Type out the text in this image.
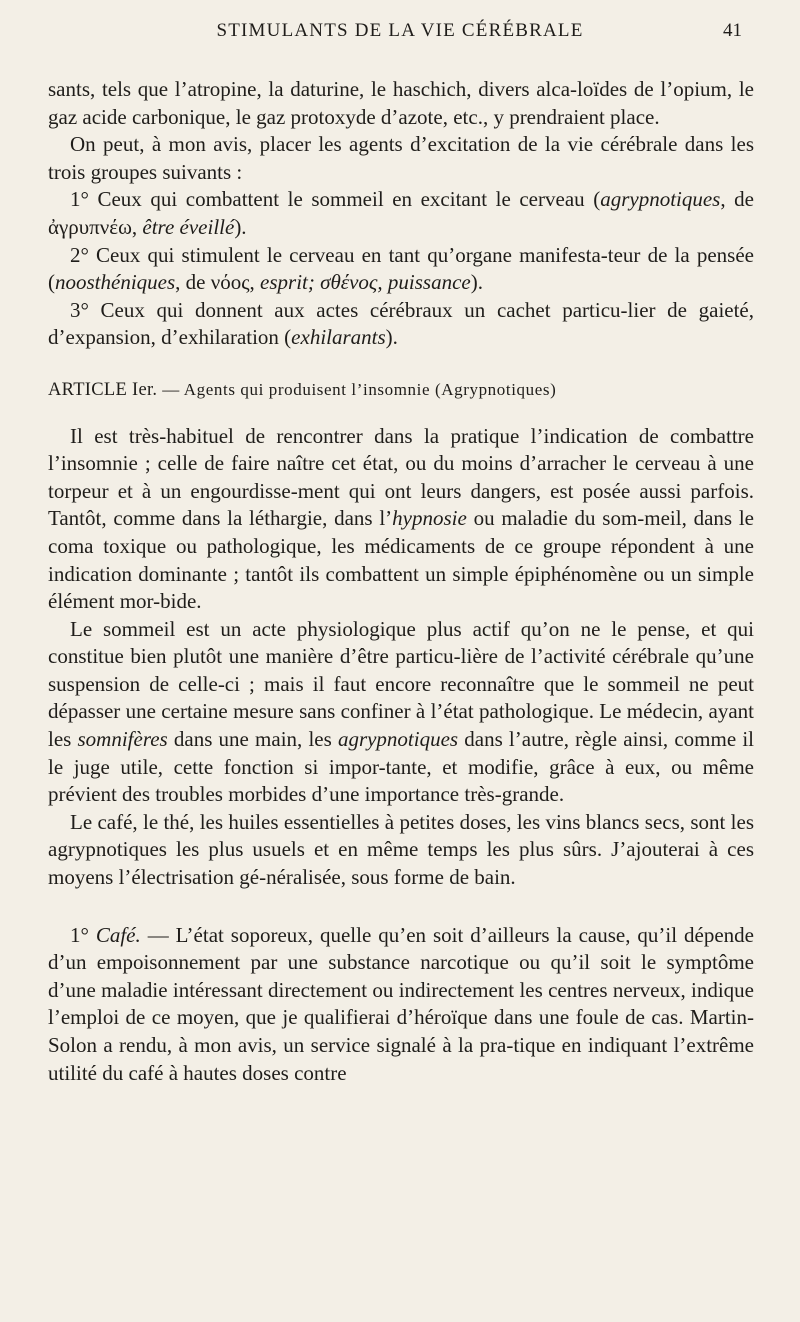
STIMULANTS DE LA VIE CÉRÉBRALE	41

sants, tels que l’atropine, la daturine, le haschich, divers alca-loïdes de l’opium, le gaz acide carbonique, le gaz protoxyde d’azote, etc., y prendraient place.

On peut, à mon avis, placer les agents d’excitation de la vie cérébrale dans les trois groupes suivants :

1° Ceux qui combattent le sommeil en excitant le cerveau (agrypnotiques, de ἀγρυπνέω, être éveillé).

2° Ceux qui stimulent le cerveau en tant qu’organe manifesta-teur de la pensée (noosthéniques, de νόος, esprit; σθένος, puissance).

3° Ceux qui donnent aux actes cérébraux un cachet particu-lier de gaieté, d’expansion, d’exhilaration (exhilarants).

ARTICLE Ier. — Agents qui produisent l’insomnie (Agrypnotiques)

Il est très-habituel de rencontrer dans la pratique l’indication de combattre l’insomnie ; celle de faire naître cet état, ou du moins d’arracher le cerveau à une torpeur et à un engourdisse-ment qui ont leurs dangers, est posée aussi parfois. Tantôt, comme dans la léthargie, dans l’hypnosie ou maladie du som-meil, dans le coma toxique ou pathologique, les médicaments de ce groupe répondent à une indication dominante ; tantôt ils combattent un simple épiphénomène ou un simple élément mor-bide.

Le sommeil est un acte physiologique plus actif qu’on ne le pense, et qui constitue bien plutôt une manière d’être particu-lière de l’activité cérébrale qu’une suspension de celle-ci ; mais il faut encore reconnaître que le sommeil ne peut dépasser une certaine mesure sans confiner à l’état pathologique. Le médecin, ayant les somnifères dans une main, les agrypnotiques dans l’autre, règle ainsi, comme il le juge utile, cette fonction si impor-tante, et modifie, grâce à eux, ou même prévient des troubles morbides d’une importance très-grande.

Le café, le thé, les huiles essentielles à petites doses, les vins blancs secs, sont les agrypnotiques les plus usuels et en même temps les plus sûrs. J’ajouterai à ces moyens l’électrisation gé-néralisée, sous forme de bain.

1° Café. — L’état soporeux, quelle qu’en soit d’ailleurs la cause, qu’il dépende d’un empoisonnement par une substance narcotique ou qu’il soit le symptôme d’une maladie intéressant directement ou indirectement les centres nerveux, indique l’emploi de ce moyen, que je qualifierai d’héroïque dans une foule de cas. Martin-Solon a rendu, à mon avis, un service signalé à la pra-tique en indiquant l’extrême utilité du café à hautes doses contre
